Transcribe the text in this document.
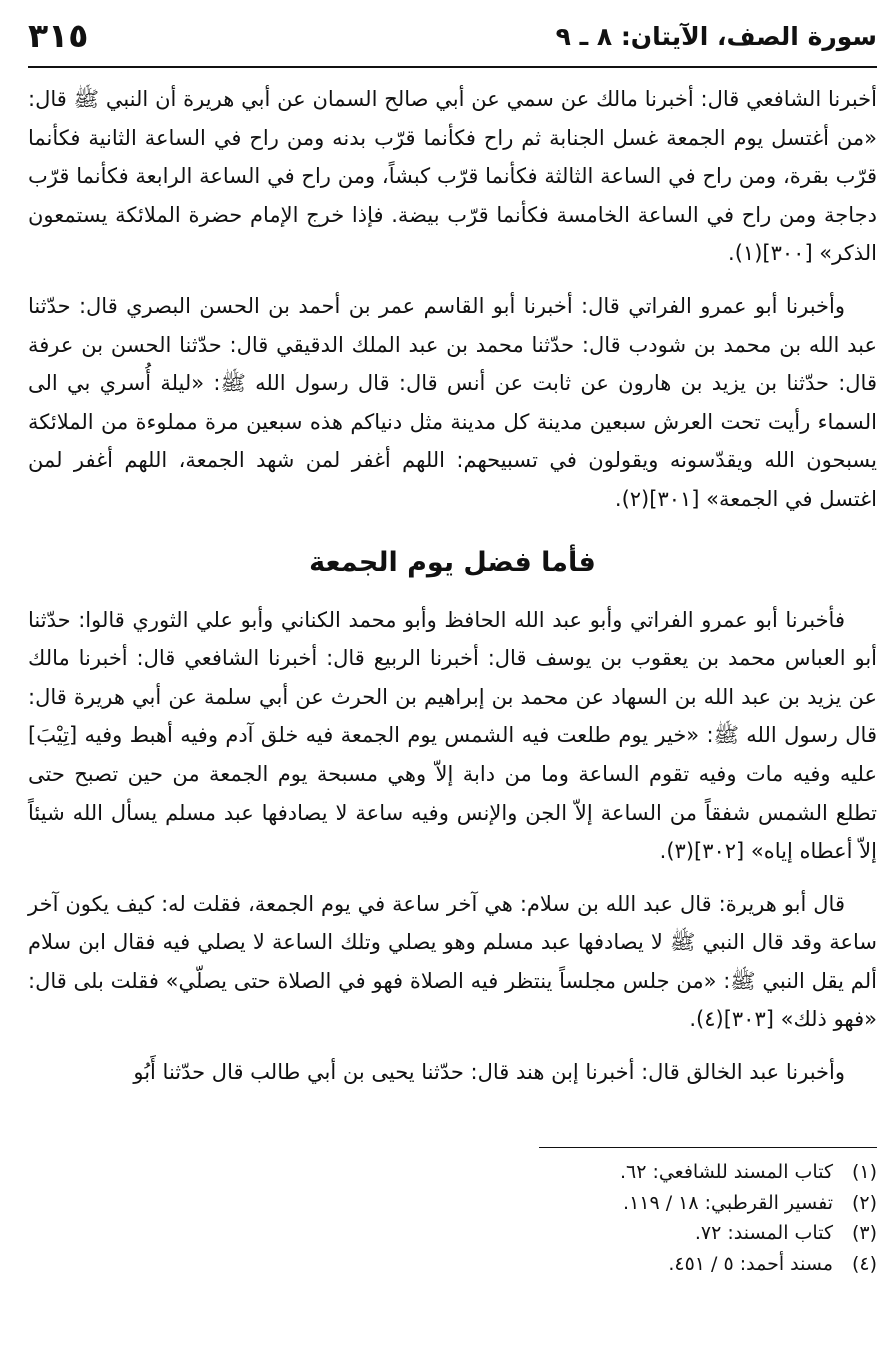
سورة الصف، الآيتان: ٨ ـ ٩
٣١٥

أخبرنا الشافعي قال: أخبرنا مالك عن سمي عن أبي صالح السمان عن أبي هريرة أن النبي ﷺ قال: «من أغتسل يوم الجمعة غسل الجنابة ثم راح فكأنما قرّب بدنه ومن راح في الساعة الثانية فكأنما قرّب بقرة، ومن راح في الساعة الثالثة فكأنما قرّب كبشاً، ومن راح في الساعة الرابعة فكأنما قرّب دجاجة ومن راح في الساعة الخامسة فكأنما قرّب بيضة. فإذا خرج الإمام حضرة الملائكة يستمعون الذكر» [٣٠٠](١).

وأخبرنا أبو عمرو الفراتي قال: أخبرنا أبو القاسم عمر بن أحمد بن الحسن البصري قال: حدّثنا عبد الله بن محمد بن شودب قال: حدّثنا محمد بن عبد الملك الدقيقي قال: حدّثنا الحسن بن عرفة قال: حدّثنا بن يزيد بن هارون عن ثابت عن أنس قال: قال رسول الله ﷺ: «ليلة أُسري بي الى السماء رأيت تحت العرش سبعين مدينة كل مدينة مثل دنياكم هذه سبعين مرة مملوءة من الملائكة يسبحون الله ويقدّسونه ويقولون في تسبيحهم: اللهم أغفر لمن شهد الجمعة، اللهم أغفر لمن اغتسل في الجمعة» [٣٠١](٢).

فأما فضل يوم الجمعة

فأخبرنا أبو عمرو الفراتي وأبو عبد الله الحافظ وأبو محمد الكناني وأبو علي الثوري قالوا: حدّثنا أبو العباس محمد بن يعقوب بن يوسف قال: أخبرنا الربيع قال: أخبرنا الشافعي قال: أخبرنا مالك عن يزيد بن عبد الله بن السهاد عن محمد بن إبراهيم بن الحرث عن أبي سلمة عن أبي هريرة قال: قال رسول الله ﷺ: «خير يوم طلعت فيه الشمس يوم الجمعة فيه خلق آدم وفيه أهبط وفيه [تِيْبَ] عليه وفيه مات وفيه تقوم الساعة وما من دابة إلاّ وهي مسبحة يوم الجمعة من حين تصبح حتى تطلع الشمس شفقاً من الساعة إلاّ الجن والإنس وفيه ساعة لا يصادفها عبد مسلم يسأل الله شيئاً إلاّ أعطاه إياه» [٣٠٢](٣).

قال أبو هريرة: قال عبد الله بن سلام: هي آخر ساعة في يوم الجمعة، فقلت له: كيف يكون آخر ساعة وقد قال النبي ﷺ لا يصادفها عبد مسلم وهو يصلي وتلك الساعة لا يصلي فيه فقال ابن سلام ألم يقل النبي ﷺ: «من جلس مجلساً ينتظر فيه الصلاة فهو في الصلاة حتى يصلّي» فقلت بلى قال: «فهو ذلك» [٣٠٣](٤).

وأخبرنا عبد الخالق قال: أخبرنا إبن هند قال: حدّثنا يحيى بن أبي طالب قال حدّثنا أَبُو

(١)كتاب المسند للشافعي: ٦٢.
(٢)تفسير القرطبي: ١٨ / ١١٩.
(٣)كتاب المسند: ٧٢.
(٤)مسند أحمد: ٥ / ٤٥١.
